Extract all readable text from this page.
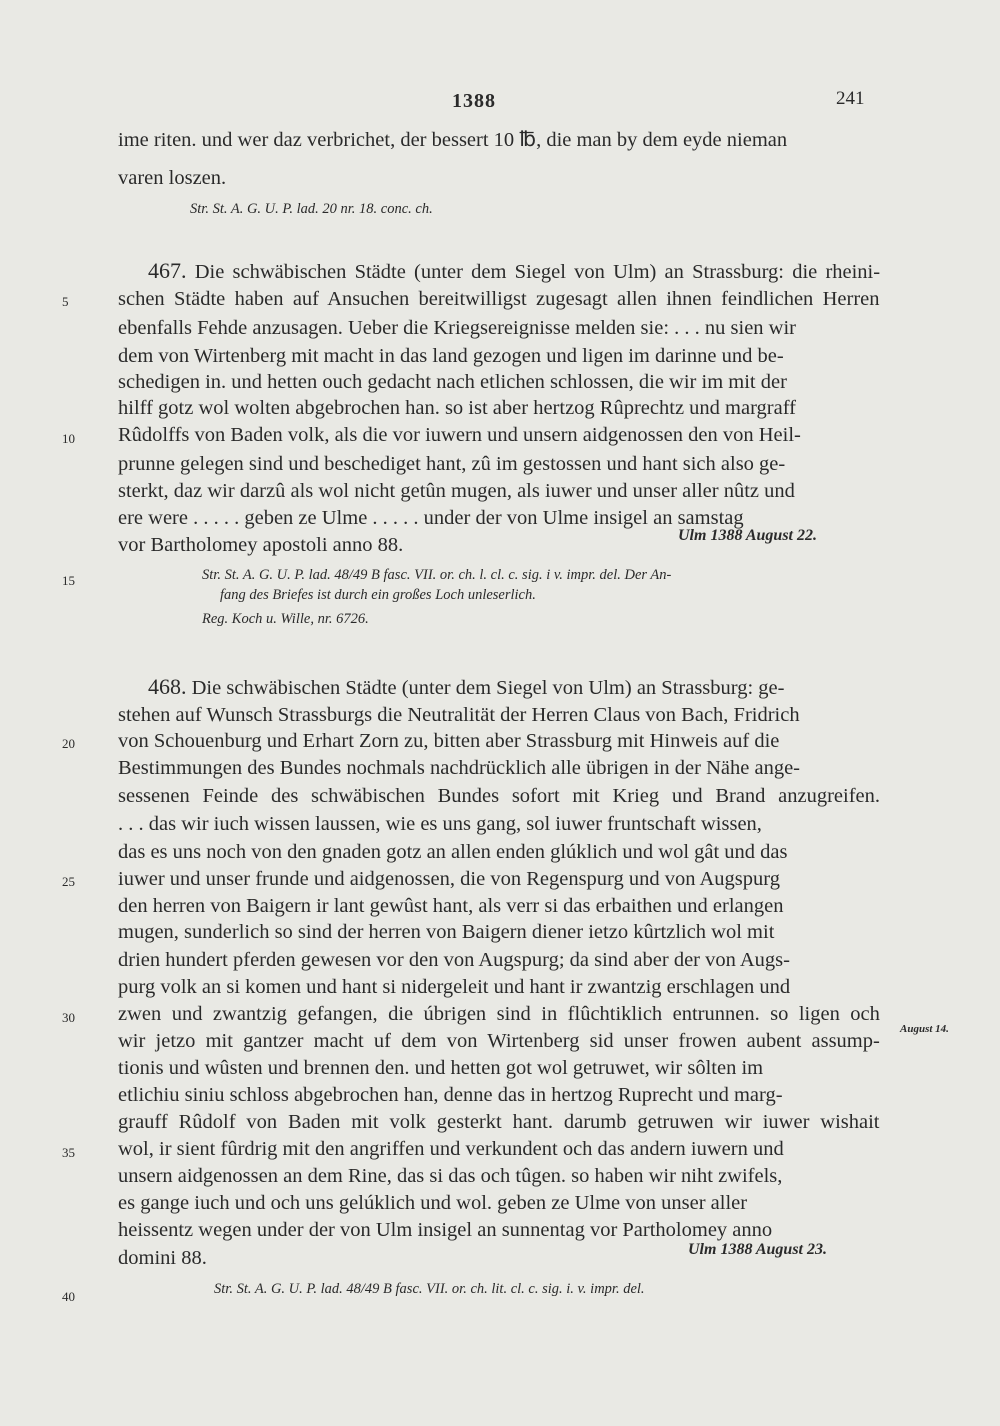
1388	241
ime riten. und wer daz verbrichet, der bessert 10 ℔, die man by dem eyde nieman
varen loszen.
Str. St. A. G. U. P. lad. 20 nr. 18. conc. ch.
467. Die schwäbischen Städte (unter dem Siegel von Ulm) an Strassburg: die rheini-
schen Städte haben auf Ansuchen bereitwilligst zugesagt allen ihnen feindlichen Herren
ebenfalls Fehde anzusagen. Ueber die Kriegsereignisse melden sie: . . . nu sien wir
dem von Wirtenberg mit macht in das land gezogen und ligen im darinne und be-
schedigen in. und hetten ouch gedacht nach etlichen schlossen, die wir im mit der
hilff gotz wol wolten abgebrochen han. so ist aber hertzog Rûprechtz und margraff
Rûdolffs von Baden volk, als die vor iuwern und unsern aidgenossen den von Heil-
prunne gelegen sind und beschediget hant, zû im gestossen und hant sich also ge-
sterkt, daz wir darzû als wol nicht getûn mugen, als iuwer und unser aller nûtz und
ere were . . . . . geben ze Ulme . . . . . under der von Ulme insigel an samstag
vor Bartholomey apostoli anno 88.	Ulm 1388 August 22.
Str. St. A. G. U. P. lad. 48/49 B fasc. VII. or. ch. l. cl. c. sig. i v. impr. del. Der An-
fang des Briefes ist durch ein großes Loch unleserlich.
Reg. Koch u. Wille, nr. 6726.
468. Die schwäbischen Städte (unter dem Siegel von Ulm) an Strassburg: ge-
stehen auf Wunsch Strassburgs die Neutralität der Herren Claus von Bach, Fridrich
von Schouenburg und Erhart Zorn zu, bitten aber Strassburg mit Hinweis auf die
Bestimmungen des Bundes nochmals nachdrücklich alle übrigen in der Nähe ange-
sessenen Feinde des schwäbischen Bundes sofort mit Krieg und Brand anzugreifen.
. . . das wir iuch wissen laussen, wie es uns gang, sol iuwer fruntschaft wissen,
das es uns noch von den gnaden gotz an allen enden glúklich und wol gât und das
iuwer und unser frunde und aidgenossen, die von Regenspurg und von Augspurg
den herren von Baigern ir lant gewûst hant, als verr si das erbaithen und erlangen
mugen, sunderlich so sind der herren von Baigern diener ietzo kûrtzlich wol mit
drien hundert pferden gewesen vor den von Augspurg; da sind aber der von Augs-
purg volk an si komen und hant si nidergeleit und hant ir zwantzig erschlagen und
zwen und zwantzig gefangen, die úbrigen sind in flûchtiklich entrunnen. so ligen och
wir jetzo mit gantzer macht uf dem von Wirtenberg sid unser frowen aubent assump-
tionis und wûsten und brennen den. und hetten got wol getruwet, wir sôlten im
etlichiu siniu schloss abgebrochen han, denne das in hertzog Ruprecht und marg-
grauff Rûdolf von Baden mit volk gesterkt hant. darumb getruwen wir iuwer wishait
wol, ir sient fûrdrig mit den angriffen und verkundent och das andern iuwern und
unsern aidgenossen an dem Rine, das si das och tûgen. so haben wir niht zwifels,
es gange iuch und och uns gelúklich und wol. geben ze Ulme von unser aller
heissentz wegen under der von Ulm insigel an sunnentag vor Partholomey anno
domini 88.	Ulm 1388 August 23.
Str. St. A. G. U. P. lad. 48/49 B fasc. VII. or. ch. lit. cl. c. sig. i. v. impr. del.
5
10
15
20
25
30
35
40
August 14.
